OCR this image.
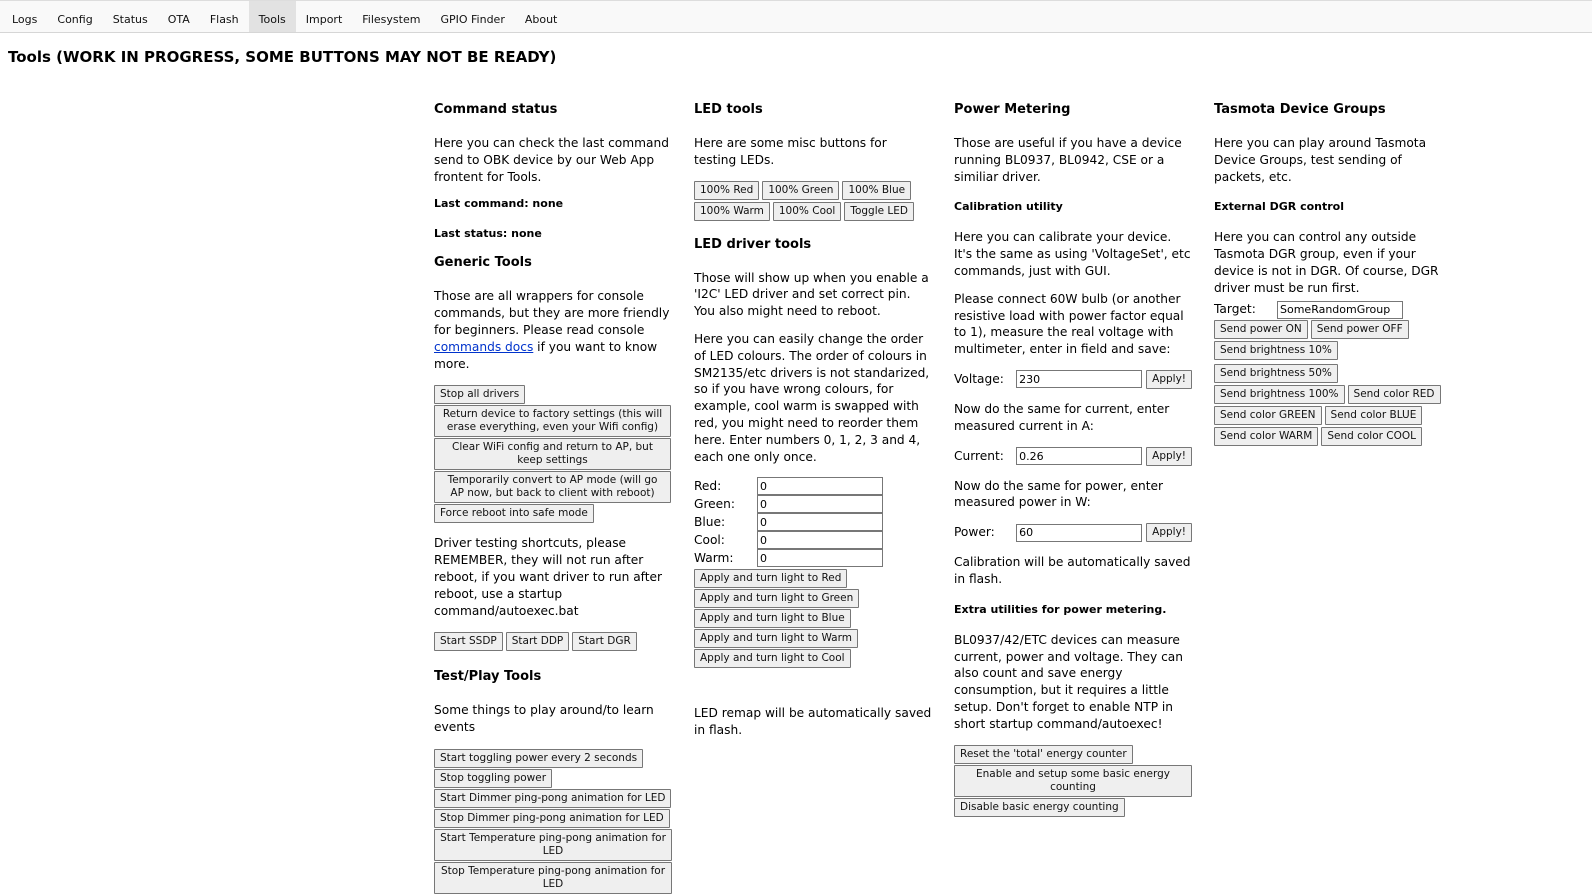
Logs	Config	Status	OTA	Flash	Tools	Import	Filesystem	GPIO Finder	About
Tools (WORK IN PROGRESS, SOME BUTTONS MAY NOT BE READY)
Command status

Here you can check the last command send to OBK device by our Web App frontent for Tools.

Last command: none
Last status: none
Generic Tools

Those are all wrappers for console commands, but they are more friendly for beginners. Please read console commands docs if you want to know more.

Stop all drivers
Return device to factory settings (this will erase everything, even your Wifi config)
Clear WiFi config and return to AP, but keep settings
Temporarily convert to AP mode (will go AP now, but back to client with reboot)
Force reboot into safe mode

Driver testing shortcuts, please REMEMBER, they will not run after reboot, if you want driver to run after reboot, use a startup command/autoexec.bat

Start SSDP	Start DDP	Start DGR
Test/Play Tools

Some things to play around/to learn events

Start toggling power every 2 seconds
Stop toggling power
Start Dimmer ping-pong animation for LED
Stop Dimmer ping-pong animation for LED
Start Temperature ping-pong animation for LED
Stop Temperature ping-pong animation for LED
LED tools

Here are some misc buttons for testing LEDs.

100% Red	100% Green	100% Blue
100% Warm	100% Cool	Toggle LED
LED driver tools

Those will show up when you enable a 'I2C' LED driver and set correct pin. You also might need to reboot.

Here you can easily change the order of LED colours. The order of colours in SM2135/etc drivers is not standarized, so if you have wrong colours, for example, cool warm is swapped with red, you might need to reorder them here. Enter numbers 0, 1, 2, 3 and 4, each one only once.

Red:
0
Green:
0
Blue:
0
Cool:
0
Warm:
0
Apply and turn light to Red
Apply and turn light to Green
Apply and turn light to Blue
Apply and turn light to Warm
Apply and turn light to Cool

LED remap will be automatically saved in flash.

Power Metering

Those are useful if you have a device running BL0937, BL0942, CSE or a similiar driver.

Calibration utility

Here you can calibrate your device. It's the same as using 'VoltageSet', etc commands, just with GUI.

Please connect 60W bulb (or another resistive load with power factor equal to 1), measure the real voltage with multimeter, enter in field and save:

Voltage:
230	Apply!

Now do the same for current, enter measured current in A:

Current:
0.26	Apply!

Now do the same for power, enter measured power in W:

Power:
60	Apply!

Calibration will be automatically saved in flash.

Extra utilities for power metering.

BL0937/42/ETC devices can measure current, power and voltage. They can also count and save energy consumption, but it requires a little setup. Don't forget to enable NTP in short startup command/autoexec!

Reset the 'total' energy counter
Enable and setup some basic energy counting
Disable basic energy counting
Tasmota Device Groups

Here you can play around Tasmota Device Groups, test sending of packets, etc.

External DGR control

Here you can control any outside Tasmota DGR group, even if your device is not in DGR. Of course, DGR driver must be run first.

Target:
SomeRandomGroup
Send power ON	Send power OFF
Send brightness 10%
Send brightness 50%
Send brightness 100%	Send color RED
Send color GREEN	Send color BLUE
Send color WARM	Send color COOL
